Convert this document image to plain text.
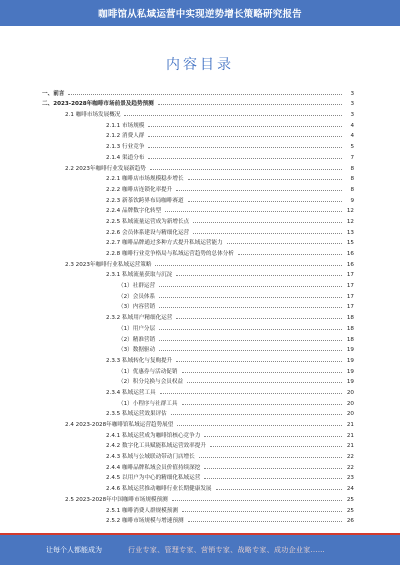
咖啡馆从私域运营中实现逆势增长策略研究报告
内容目录
一、前言	3
二、2023-2028年咖啡市场前景及趋势预测	3
2.1 咖啡市场发展概况	3
2.1.1 市场规模	4
2.1.2 消费人群	4
2.1.3 行业竞争	5
2.1.4 渠道分布	7
2.2 2023年咖啡行业发展新趋势	8
2.2.1 咖啡店市场规模稳步增长	8
2.2.2 咖啡店连锁化率提升	8
2.2.3 新茶饮跨界布局咖啡赛道	9
2.2.4 品牌数字化转型	12
2.2.5 私域流量运营成为新增长点	12
2.2.6 会员体系建设与精细化运营	13
2.2.7 咖啡品牌通过多种方式提升私域运营能力	15
2.2.8 咖啡行业竞争格局与私域运营趋势的总体分析	16
2.3 2023年咖啡行业私域运营策略	16
2.3.1 私域流量获取与沉淀	17
（1）社群运营	17
（2）会员体系	17
（3）内容营销	17
2.3.2 私域用户精细化运营	18
（1）用户分层	18
（2）精准营销	18
（3）数据驱动	19
2.3.3 私域转化与复购提升	19
（1）优惠券与活动促销	19
（2）积分兑换与会员权益	19
2.3.4 私域运营工具	20
（1）小程序与社群工具	20
2.3.5 私域运营效果评估	20
2.4 2023-2028年咖啡馆私域运营趋势展望	21
2.4.1 私域运营成为咖啡馆核心竞争力	21
2.4.2 数字化工具赋能私域运营效率提升	21
2.4.3 私域与公域联动带动门店增长	22
2.4.4 咖啡品牌私域会员价值持续深挖	22
2.4.5 以用户为中心的精细化私域运营	23
2.4.6 私域运营推动咖啡行业长期健康发展	24
2.5 2023-2028年中国咖啡市场规模预测	25
2.5.1 咖啡消费人群规模预测	25
2.5.2 咖啡市场规模与增速预测	26
让每个人都能成为	行业专家、管理专家、营销专家、战略专家、成功企业家……
